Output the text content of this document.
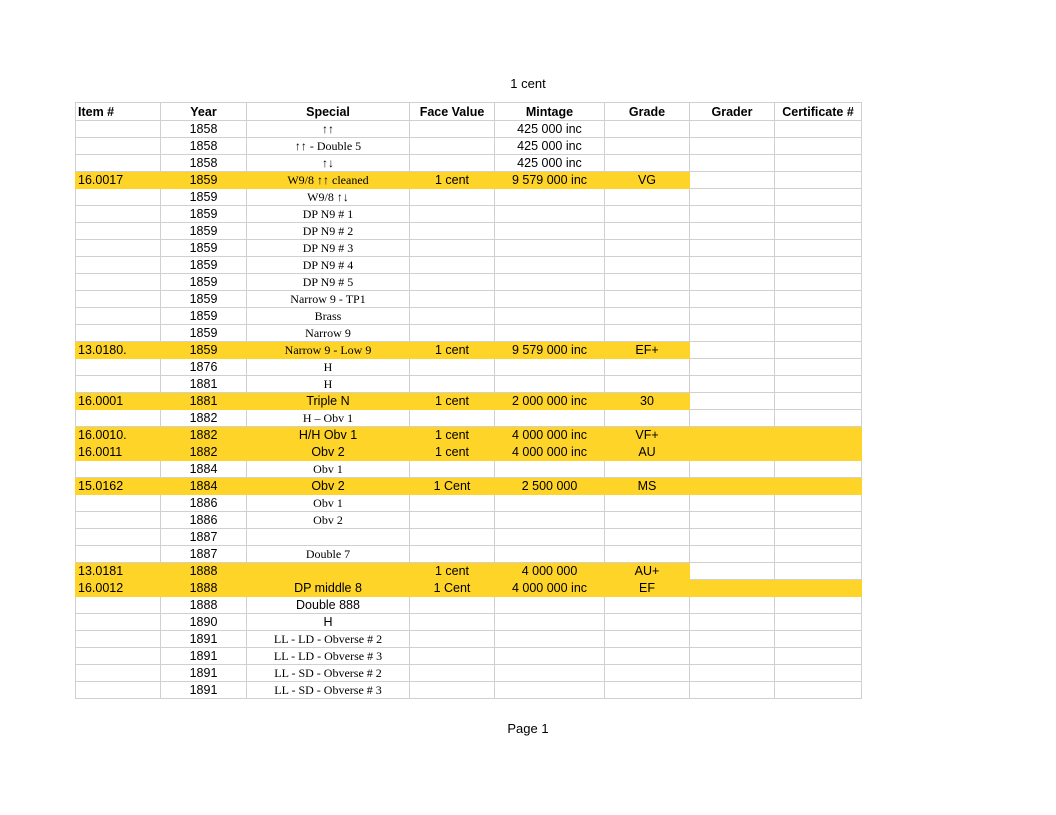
1 cent
Item #	Year	Special	Face Value	Mintage	Grade	Grader	Certificate #
	1858	↑↑		425 000 inc			
	1858	↑↑ - Double 5		425 000 inc			
	1858	↑↓		425 000 inc			
16.0017	1859	W9/8 ↑↑ cleaned	1 cent	9 579 000 inc	VG		
	1859	W9/8 ↑↓					
	1859	DP N9 # 1					
	1859	DP N9 # 2					
	1859	DP N9 # 3					
	1859	DP N9 # 4					
	1859	DP N9 # 5					
	1859	Narrow 9 - TP1					
	1859	Brass					
	1859	Narrow 9					
13.0180.	1859	Narrow 9 - Low 9	1 cent	9 579 000 inc	EF+		
	1876	H					
	1881	H					
16.0001	1881	Triple N	1 cent	2 000 000 inc	30		
	1882	H – Obv 1					
16.0010.	1882	H/H Obv 1	1 cent	4 000 000 inc	VF+		
16.0011	1882	Obv 2	1 cent	4 000 000 inc	AU		
	1884	Obv 1					
15.0162	1884	Obv 2	1 Cent	2 500 000	MS		
	1886	Obv 1					
	1886	Obv 2					
	1887						
	1887	Double 7					
13.0181	1888		1 cent	4 000 000	AU+		
16.0012	1888	DP middle 8	1 Cent	4 000 000 inc	EF		
	1888	Double 888					
	1890	H					
	1891	LL - LD - Obverse # 2					
	1891	LL - LD - Obverse # 3					
	1891	LL - SD - Obverse # 2					
	1891	LL - SD - Obverse # 3					
Page 1
